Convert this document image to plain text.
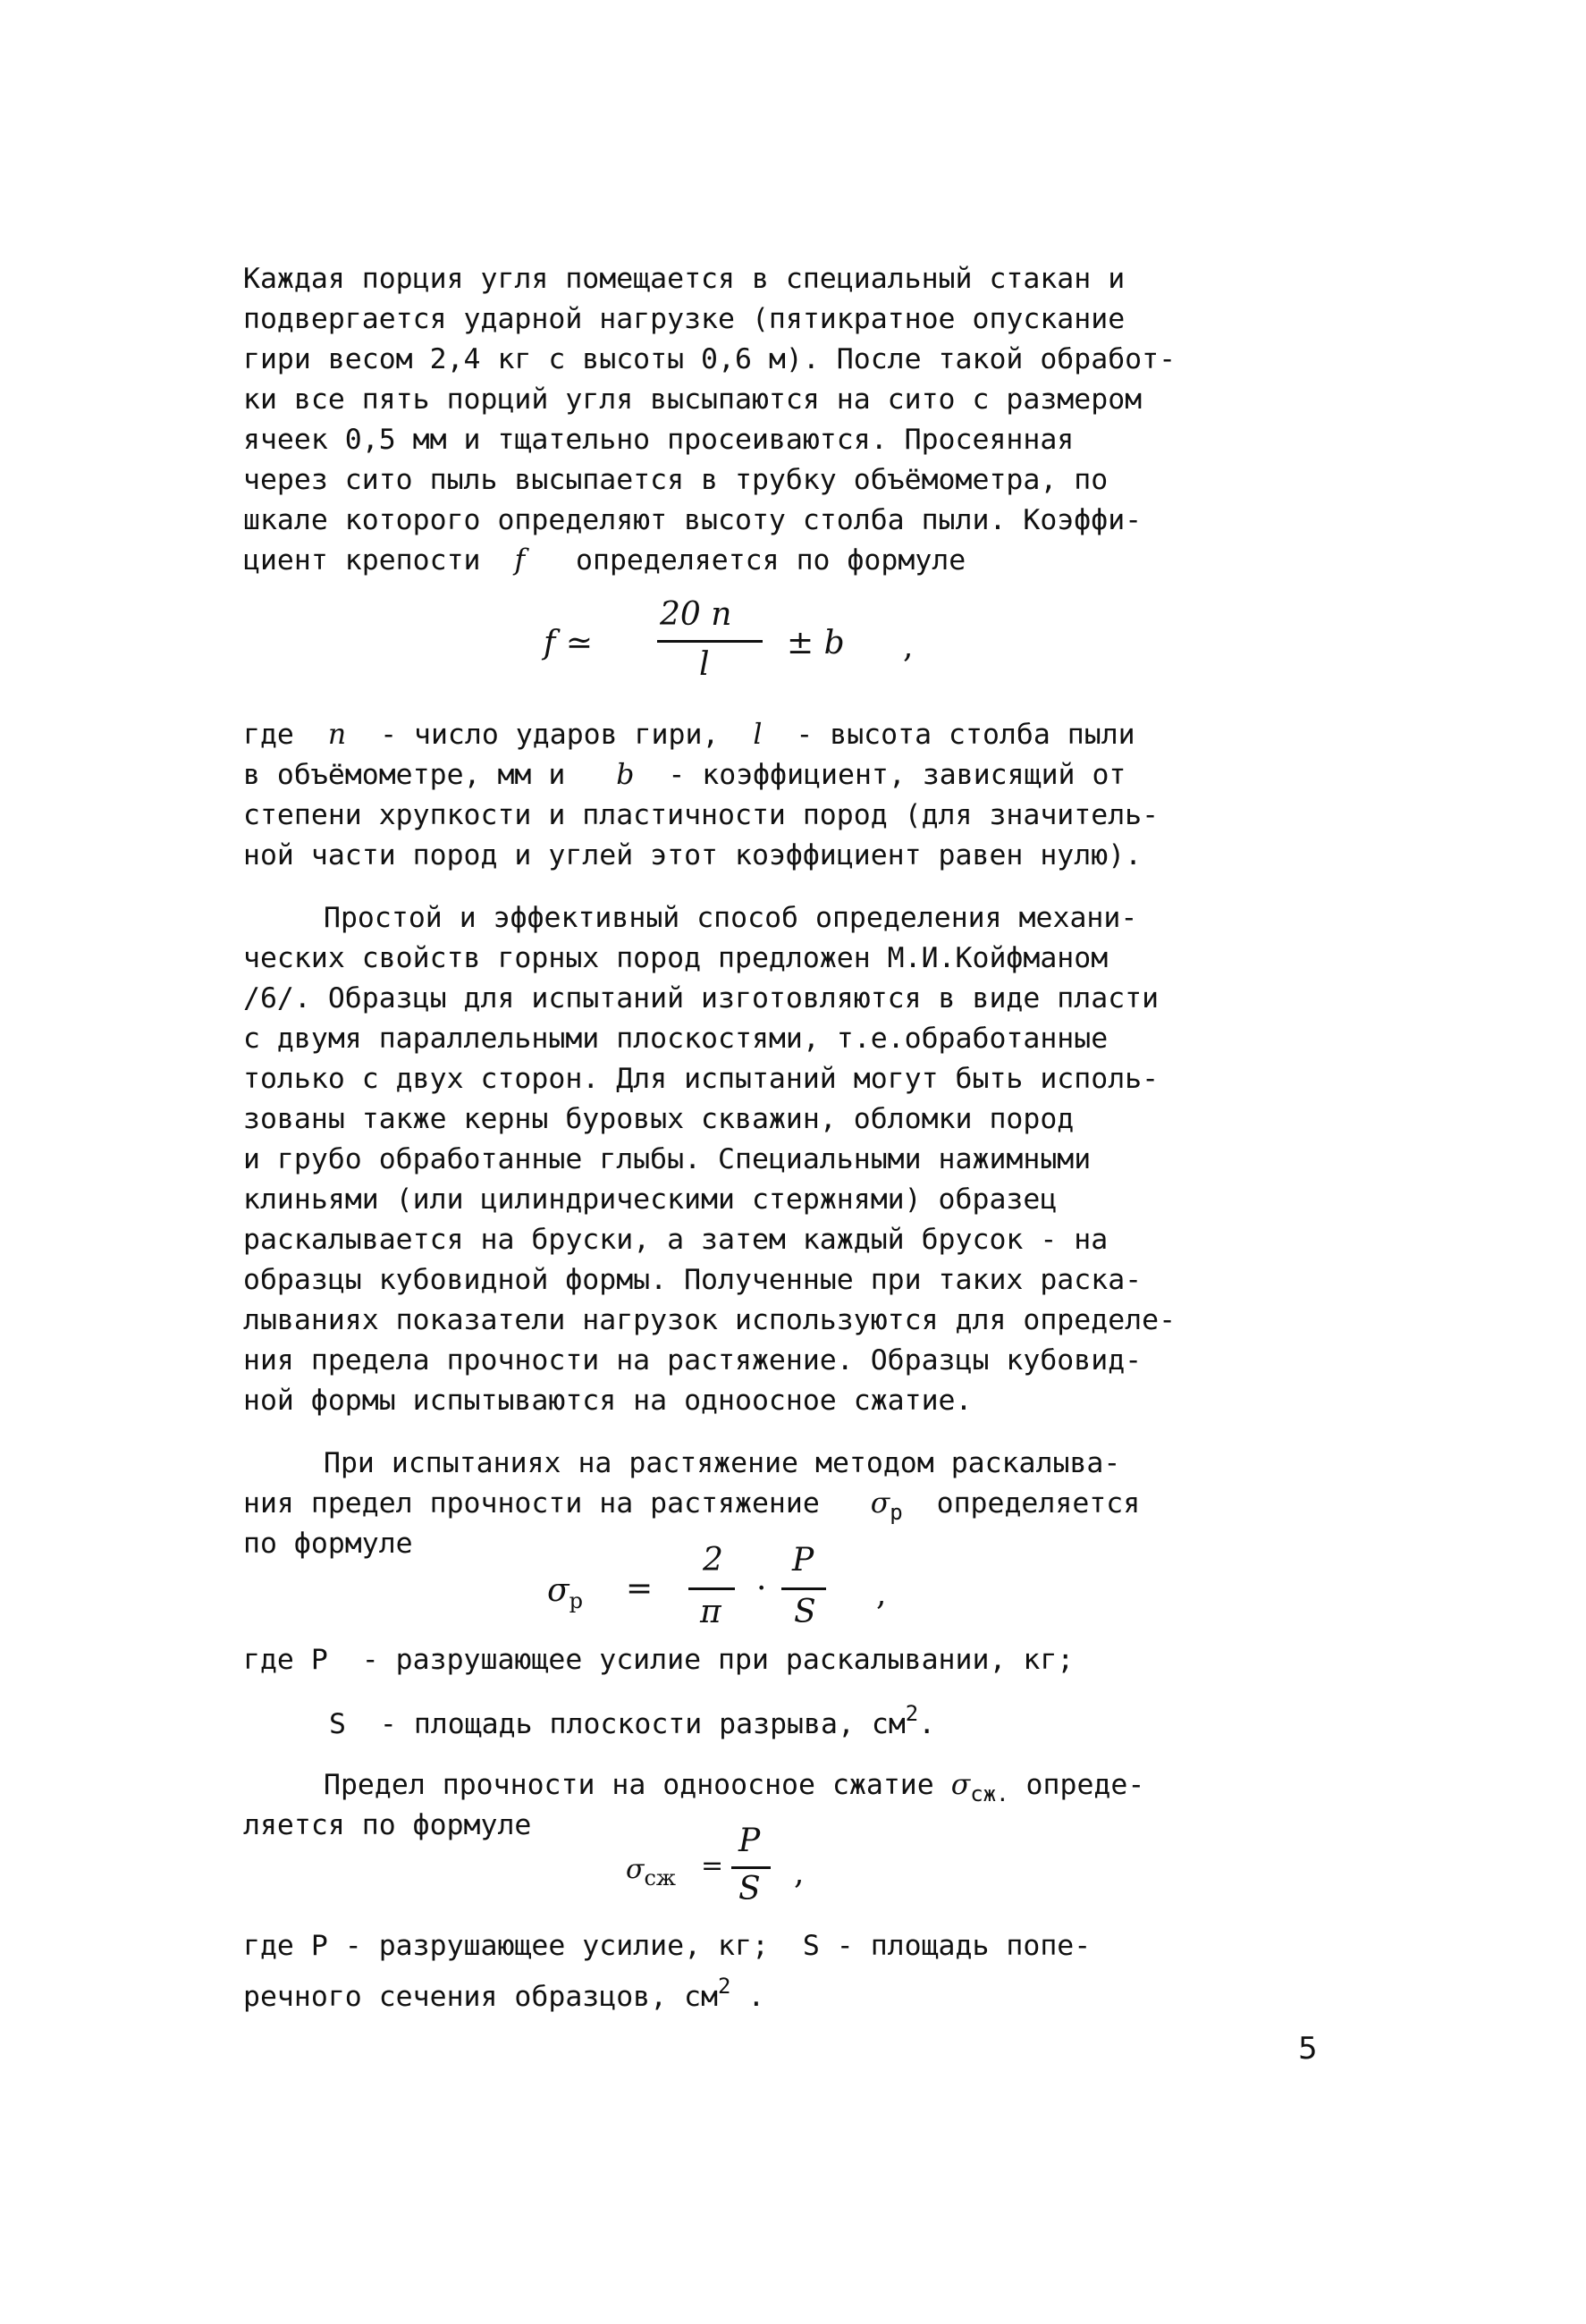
Каждая порция угля помещается в специальный стакан и
подвергается ударной нагрузке (пятикратное опускание
гири весом 2,4 кг с высоты 0,6 м). После такой обработ-
ки все пять порций угля высыпаются на сито с размером
ячеек 0,5 мм и тщательно просеиваются. Просеянная
через сито пыль высыпается в трубку объёмометра, по
шкале которого определяют высоту столба пыли. Коэффи-
циент крепости f определяется по формуле
f ≃
20 n
l
± b ,
где n - число ударов гири, l - высота столба пыли
в объёмометре, мм и b - коэффициент, зависящий от
степени хрупкости и пластичности пород (для значитель-
ной части пород и углей этот коэффициент равен нулю).
Простой и эффективный способ определения механи-
ческих свойств горных пород предложен М.И.Койфманом
/6/. Образцы для испытаний изготовляются в виде пласти
с двумя параллельными плоскостями, т.е.обработанные
только с двух сторон. Для испытаний могут быть исполь-
зованы также керны буровых скважин, обломки пород
и грубо обработанные глыбы. Специальными нажимными
клиньями (или цилиндрическими стержнями) образец
раскалывается на бруски, а затем каждый брусок - на
образцы кубовидной формы. Полученные при таких раска-
лываниях показатели нагрузок используются для определе-
ния предела прочности на растяжение. Образцы кубовид-
ной формы испытываются на одноосное сжатие.
При испытаниях на растяжение методом раскалыва-
ния предел прочности на растяжение $\sigma_p$ определяется
по формуле
$\sigma_p$ =
2
π
·
P
S ,
где P  - разрушающее усилие при раскалывании, кг;
S  - площадь плоскости разрыва, $см^2$.
Предел прочности на одноосное сжатие $\sigma_{сж.}$ опреде-
ляется по формуле
$\sigma_{сж}$ =
P
S ,
где P - разрушающее усилие, кг;  S - площадь попе-
речного сечения образцов, $см^2$ .
5
